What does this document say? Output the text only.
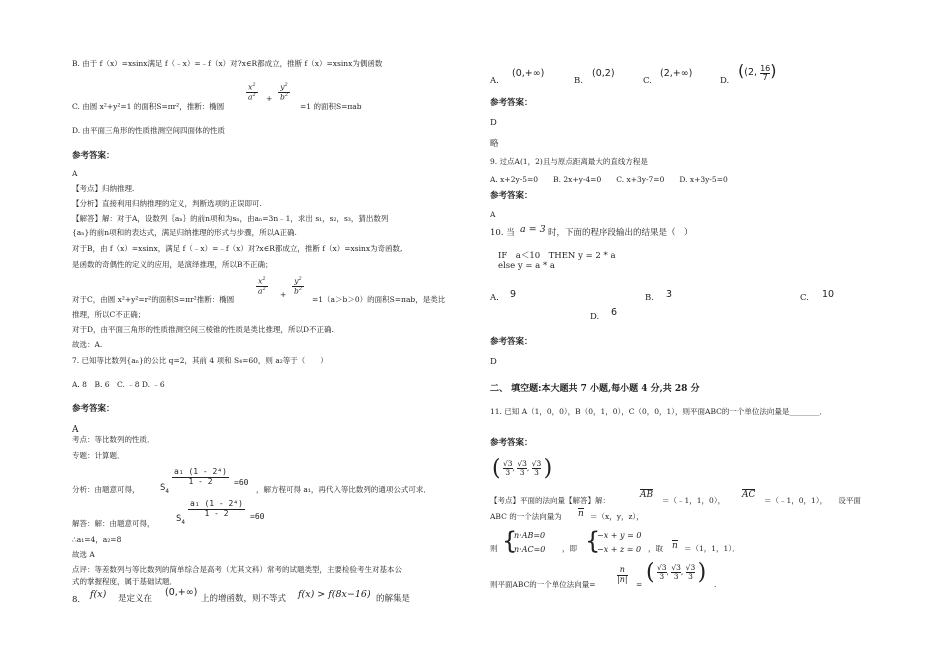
B. 由于 f（x）=xsinx满足 f（﹣x）=﹣f（x）对?x∈R都成立，推断 f（x）=xsinx为偶函数
C. 由圆 x²+y²=1 的面积S=πr²，推断：椭圆
$\frac{x^2}{a^2} + \frac{y^2}{b^2}$
=1 的面积S=πab
D. 由平面三角形的性质推测空间四面体的性质
参考答案：
A
【考点】归纳推理.
【分析】直接利用归纳推理的定义，判断选项的正误即可.
【解答】解：对于A，设数列｛aₙ｝的前n项和为sₙ，由aₙ=3n﹣1，求出 s₁，s₂，s₃，猜出数列
{aₙ}的前n项和的表达式，满足归纳推理的形式与步骤，所以A正确.
对于B，由 f（x）=xsinx，满足 f（﹣x）=﹣f（x）对?x∈R都成立，推断 f（x）=xsinx为奇函数,
是函数的奇偶性的定义的应用，是演绎推理，所以B不正确；
对于C，由圆 x²+y²=r²的面积S=πr²推断：椭圆
$\frac{x^2}{a^2} + \frac{y^2}{b^2}$
=1（a＞b＞0）的面积S=πab，是类比
推理，所以C不正确；
对于D，由平面三角形的性质推测空间三棱锥的性质是类比推理，所以D不正确.
故选：A.
7. 已知等比数列{aₙ}的公比 q=2，其前 4 项和 S₄=60，则 a₂等于（　　）
A. 8　B. 6　C. ﹣8 D. ﹣6
参考答案：
A
考点：等比数列的性质．
专题：计算题．
分析：由题意可得， $S_4$
$\frac{\text{a₁ (1 - 2⁴)}}{1 - 2} =60$
，解方程可得 a₁，再代入等比数列的通项公式可求．
解答：解：由题意可得， $S_4$
$\frac{\text{a₁ (1 - 2⁴)}}{1 - 2} =60$
∴a₁=4，a₂=8
故选 A
点评：等差数列与等比数列的简单综合是高考（尤其文科）常考的试题类型，主要检验考生对基本公
式的掌握程度，属于基础试题．
8. f(x) 是定义在
(0,+∞)
上的增函数，则不等式 f(x) > f(8x−16) 的解集是
A.
(0,+∞)
B.
(0,2)
C.
(2,+∞)
D.
((2, $\frac{16}{7}$ )
参考答案：
D
略
9. 过点A(1，2)且与原点距离最大的直线方程是
A. x+2y-5=0　　B. 2x+y-4=0　　C. x+3y-7=0　　D. x+3y-5=0
参考答案：
A
10. 当 a = 3 时，下面的程序段输出的结果是（　）
IF　a＜10　THEN y = 2 * a
else y = a * a
A. 9	B. 3	C. 10
D. 6
参考答案：
D
二、 填空题:本大题共 7 小题,每小题 4 分,共 28 分
11. 已知 A（1，0，0），B（0，1，0），C（0，0，1），则平面ABC的一个单位法向量是________．
参考答案：
( $\frac{√3}{3}$ , $\frac{√3}{3}$ , $\frac{√3}{3}$ )
【考点】平面的法向量【解答】解：
AB
＝（﹣1，1，0），
AC
＝（﹣1，0，1），　　设平面
ABC 的一个法向量为 n ＝（x，y，z），
则 {
n·AB=0
n·AC=0 ，即 {
−x + y = 0
−x + z = 0 ，取 n ＝（1，1，1）．
则平面ABC的一个单位法向量=
n
|n|
= ( $\frac{√3}{3}$ , $\frac{√3}{3}$ , $\frac{√3}{3}$ ) .
